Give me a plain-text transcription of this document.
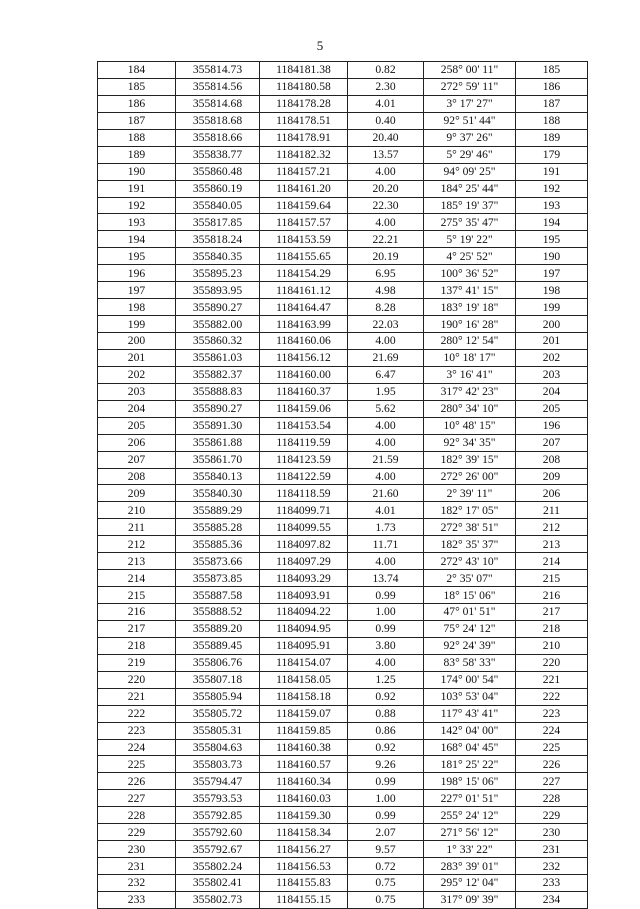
5
184	355814.73	1184181.38	0.82	258° 00' 11"	185
185	355814.56	1184180.58	2.30	272° 59' 11"	186
186	355814.68	1184178.28	4.01	3° 17' 27"	187
187	355818.68	1184178.51	0.40	92° 51' 44"	188
188	355818.66	1184178.91	20.40	9° 37' 26"	189
189	355838.77	1184182.32	13.57	5° 29' 46"	179
190	355860.48	1184157.21	4.00	94° 09' 25"	191
191	355860.19	1184161.20	20.20	184° 25' 44"	192
192	355840.05	1184159.64	22.30	185° 19' 37"	193
193	355817.85	1184157.57	4.00	275° 35' 47"	194
194	355818.24	1184153.59	22.21	5° 19' 22"	195
195	355840.35	1184155.65	20.19	4° 25' 52"	190
196	355895.23	1184154.29	6.95	100° 36' 52"	197
197	355893.95	1184161.12	4.98	137° 41' 15"	198
198	355890.27	1184164.47	8.28	183° 19' 18"	199
199	355882.00	1184163.99	22.03	190° 16' 28"	200
200	355860.32	1184160.06	4.00	280° 12' 54"	201
201	355861.03	1184156.12	21.69	10° 18' 17"	202
202	355882.37	1184160.00	6.47	3° 16' 41"	203
203	355888.83	1184160.37	1.95	317° 42' 23"	204
204	355890.27	1184159.06	5.62	280° 34' 10"	205
205	355891.30	1184153.54	4.00	10° 48' 15"	196
206	355861.88	1184119.59	4.00	92° 34' 35"	207
207	355861.70	1184123.59	21.59	182° 39' 15"	208
208	355840.13	1184122.59	4.00	272° 26' 00"	209
209	355840.30	1184118.59	21.60	2° 39' 11"	206
210	355889.29	1184099.71	4.01	182° 17' 05"	211
211	355885.28	1184099.55	1.73	272° 38' 51"	212
212	355885.36	1184097.82	11.71	182° 35' 37"	213
213	355873.66	1184097.29	4.00	272° 43' 10"	214
214	355873.85	1184093.29	13.74	2° 35' 07"	215
215	355887.58	1184093.91	0.99	18° 15' 06"	216
216	355888.52	1184094.22	1.00	47° 01' 51"	217
217	355889.20	1184094.95	0.99	75° 24' 12"	218
218	355889.45	1184095.91	3.80	92° 24' 39"	210
219	355806.76	1184154.07	4.00	83° 58' 33"	220
220	355807.18	1184158.05	1.25	174° 00' 54"	221
221	355805.94	1184158.18	0.92	103° 53' 04"	222
222	355805.72	1184159.07	0.88	117° 43' 41"	223
223	355805.31	1184159.85	0.86	142° 04' 00"	224
224	355804.63	1184160.38	0.92	168° 04' 45"	225
225	355803.73	1184160.57	9.26	181° 25' 22"	226
226	355794.47	1184160.34	0.99	198° 15' 06"	227
227	355793.53	1184160.03	1.00	227° 01' 51"	228
228	355792.85	1184159.30	0.99	255° 24' 12"	229
229	355792.60	1184158.34	2.07	271° 56' 12"	230
230	355792.67	1184156.27	9.57	1° 33' 22"	231
231	355802.24	1184156.53	0.72	283° 39' 01"	232
232	355802.41	1184155.83	0.75	295° 12' 04"	233
233	355802.73	1184155.15	0.75	317° 09' 39"	234
